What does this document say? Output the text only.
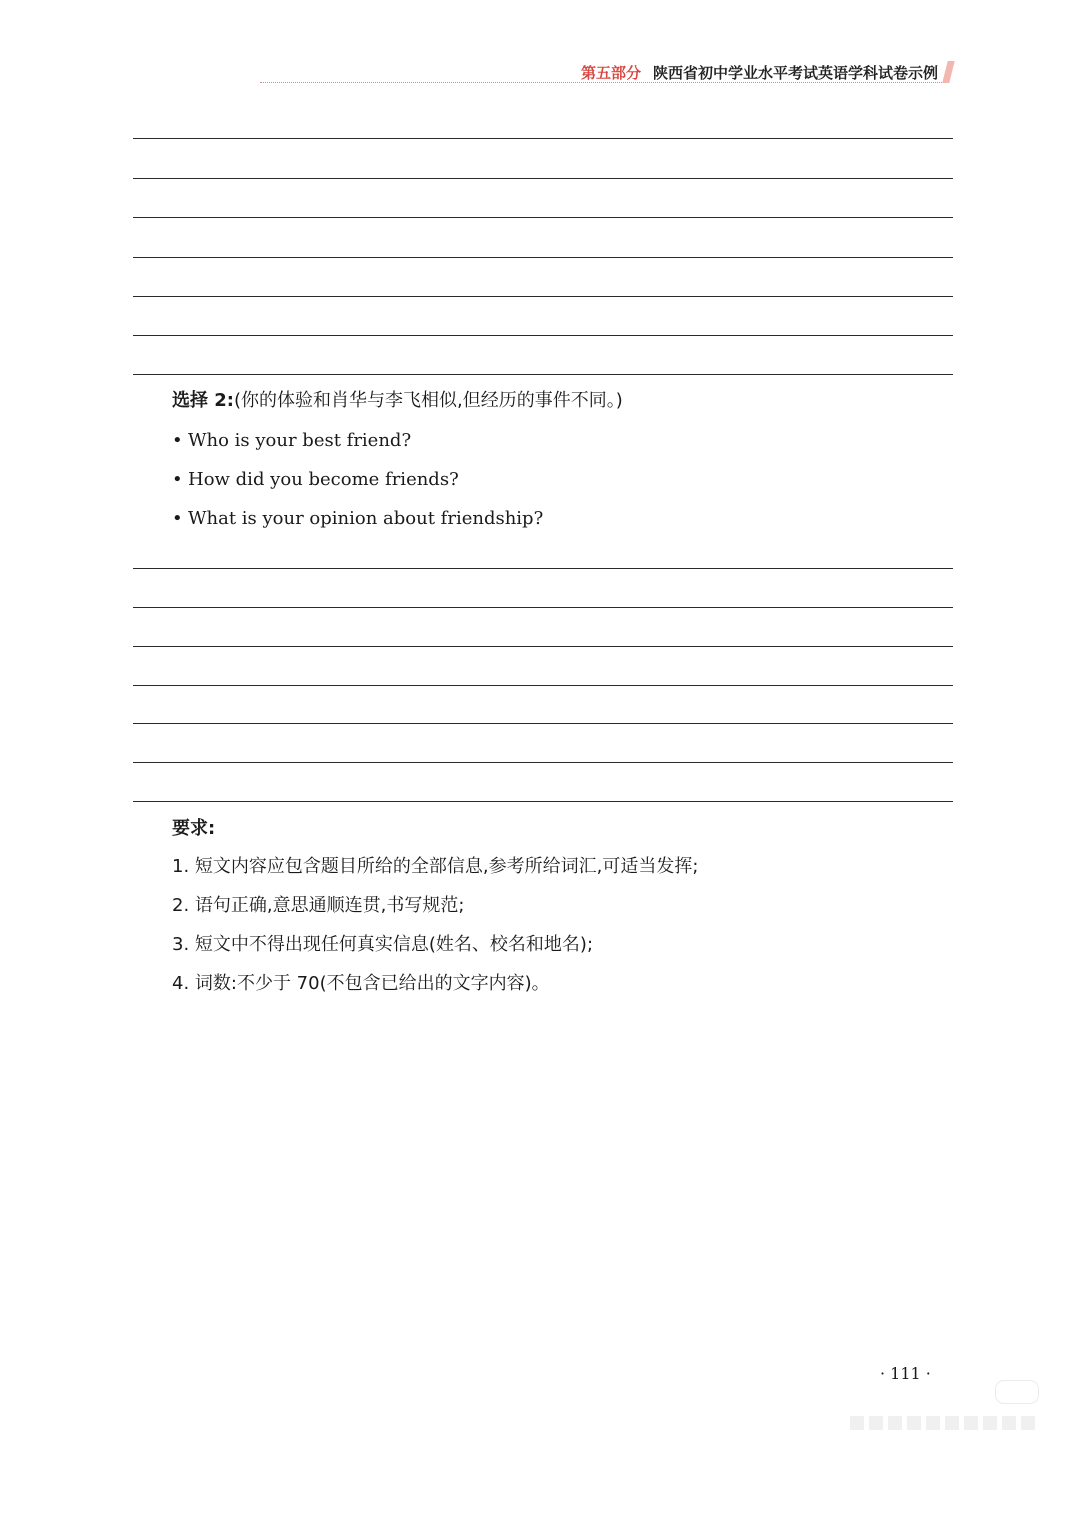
第五部分 陕西省初中学业水平考试英语学科试卷示例
选择 2:(你的体验和肖华与李飞相似,但经历的事件不同。)
• Who is your best friend?
• How did you become friends?
• What is your opinion about friendship?
要求:
1. 短文内容应包含题目所给的全部信息,参考所给词汇,可适当发挥;
2. 语句正确,意思通顺连贯,书写规范;
3. 短文中不得出现任何真实信息(姓名、校名和地名);
4. 词数:不少于 70(不包含已给出的文字内容)。
· 111 ·
